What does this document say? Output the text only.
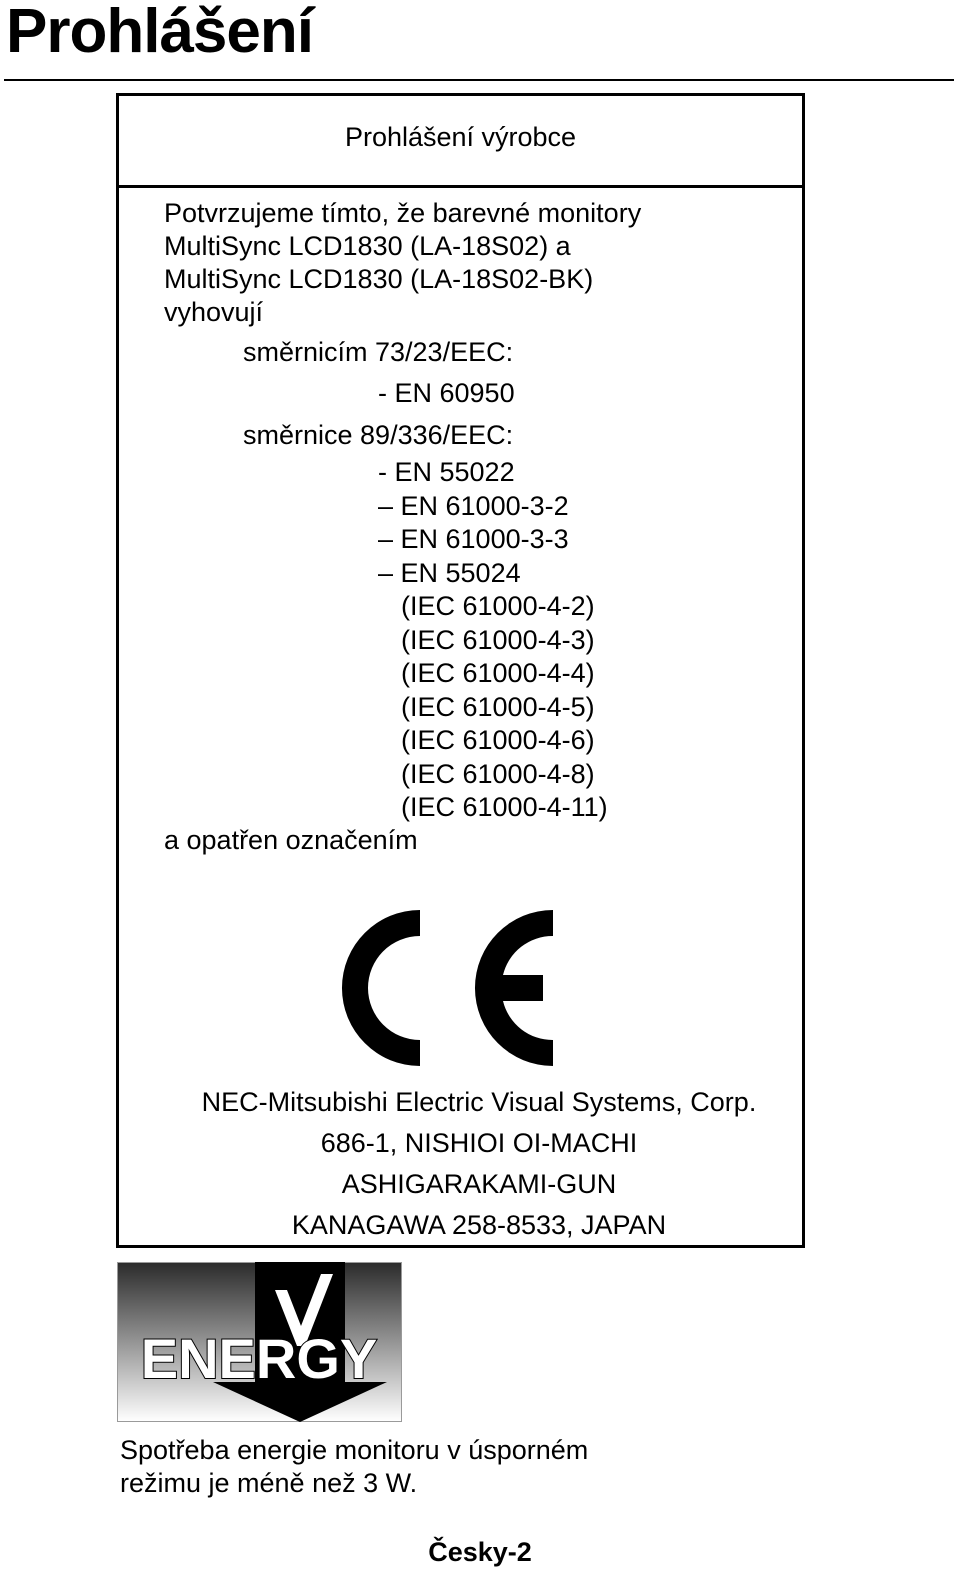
Prohlášení
Prohlášení výrobce
Potvrzujeme tímto, že barevné monitory
MultiSync LCD1830 (LA-18S02) a
MultiSync LCD1830 (LA-18S02-BK)
vyhovují
směrnicím 73/23/EEC:
- EN 60950
směrnice 89/336/EEC:
- EN 55022
– EN 61000-3-2
– EN 61000-3-3
– EN 55024
(IEC 61000-4-2)
(IEC 61000-4-3)
(IEC 61000-4-4)
(IEC 61000-4-5)
(IEC 61000-4-6)
(IEC 61000-4-8)
(IEC 61000-4-11)
a opatřen označením
NEC-Mitsubishi Electric Visual Systems, Corp.
686-1, NISHIOI OI-MACHI
ASHIGARAKAMI-GUN
KANAGAWA 258-8533, JAPAN
ENERGY
Spotřeba energie monitoru v úsporném
režimu je méně než 3 W.
Česky-2
